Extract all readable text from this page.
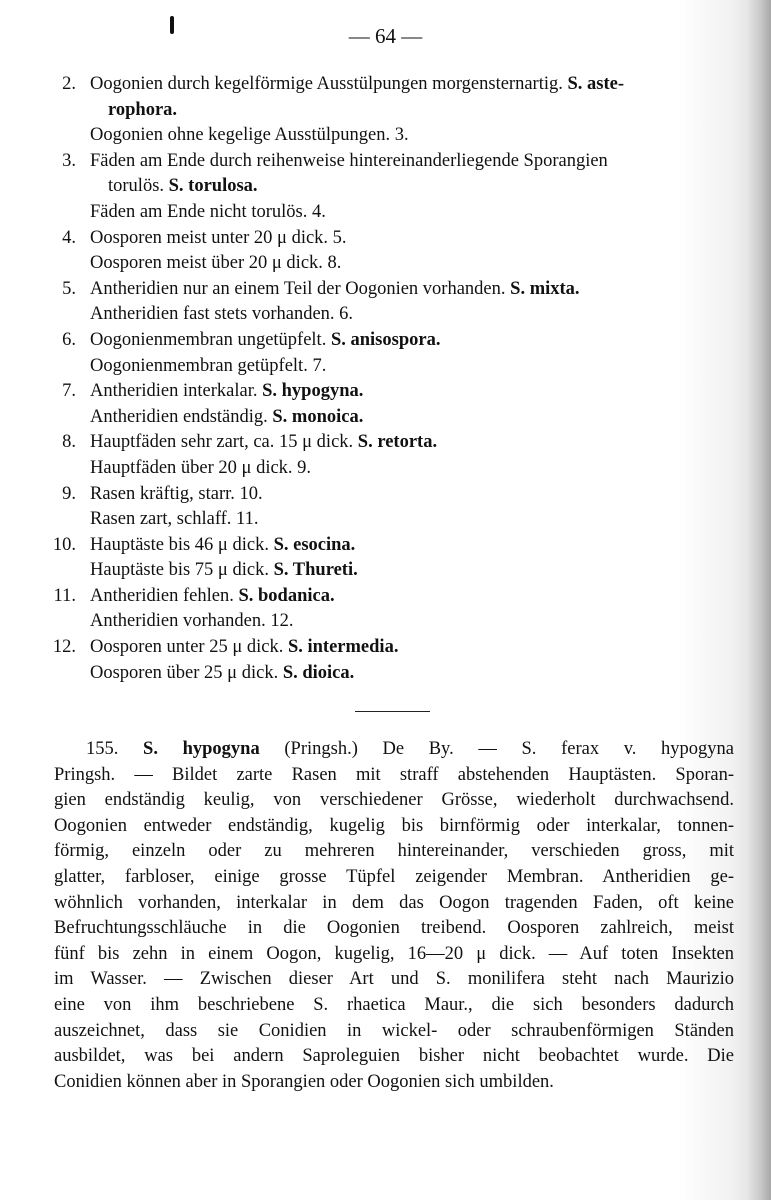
— 64 —
2. Oogonien durch kegelförmige Ausstülpungen morgensternartig. S. aste-
rophora.
Oogonien ohne kegelige Ausstülpungen. 3.
3. Fäden am Ende durch reihenweise hintereinanderliegende Sporangien
torulös. S. torulosa.
Fäden am Ende nicht torulös. 4.
4. Oosporen meist unter 20 μ dick. 5.
Oosporen meist über 20 μ dick. 8.
5. Antheridien nur an einem Teil der Oogonien vorhanden. S. mixta.
Antheridien fast stets vorhanden. 6.
6. Oogonienmembran ungetüpfelt. S. anisospora.
Oogonienmembran getüpfelt. 7.
7. Antheridien interkalar. S. hypogyna.
Antheridien endständig. S. monoica.
8. Hauptfäden sehr zart, ca. 15 μ dick. S. retorta.
Hauptfäden über 20 μ dick. 9.
9. Rasen kräftig, starr. 10.
Rasen zart, schlaff. 11.
10. Hauptäste bis 46 μ dick. S. esocina.
Hauptäste bis 75 μ dick. S. Thureti.
11. Antheridien fehlen. S. bodanica.
Antheridien vorhanden. 12.
12. Oosporen unter 25 μ dick. S. intermedia.
Oosporen über 25 μ dick. S. dioica.
155. S. hypogyna (Pringsh.) De By. — S. ferax v. hypogyna
Pringsh. — Bildet zarte Rasen mit straff abstehenden Hauptästen. Sporan-
gien endständig keulig, von verschiedener Grösse, wiederholt durchwachsend.
Oogonien entweder endständig, kugelig bis birnförmig oder interkalar, tonnen-
förmig, einzeln oder zu mehreren hintereinander, verschieden gross, mit
glatter, farbloser, einige grosse Tüpfel zeigender Membran. Antheridien ge-
wöhnlich vorhanden, interkalar in dem das Oogon tragenden Faden, oft keine
Befruchtungsschläuche in die Oogonien treibend. Oosporen zahlreich, meist
fünf bis zehn in einem Oogon, kugelig, 16—20 μ dick. — Auf toten Insekten
im Wasser. — Zwischen dieser Art und S. monilifera steht nach Maurizio
eine von ihm beschriebene S. rhaetica Maur., die sich besonders dadurch
auszeichnet, dass sie Conidien in wickel- oder schraubenförmigen Ständen
ausbildet, was bei andern Saproleguien bisher nicht beobachtet wurde. Die
Conidien können aber in Sporangien oder Oogonien sich umbilden.
